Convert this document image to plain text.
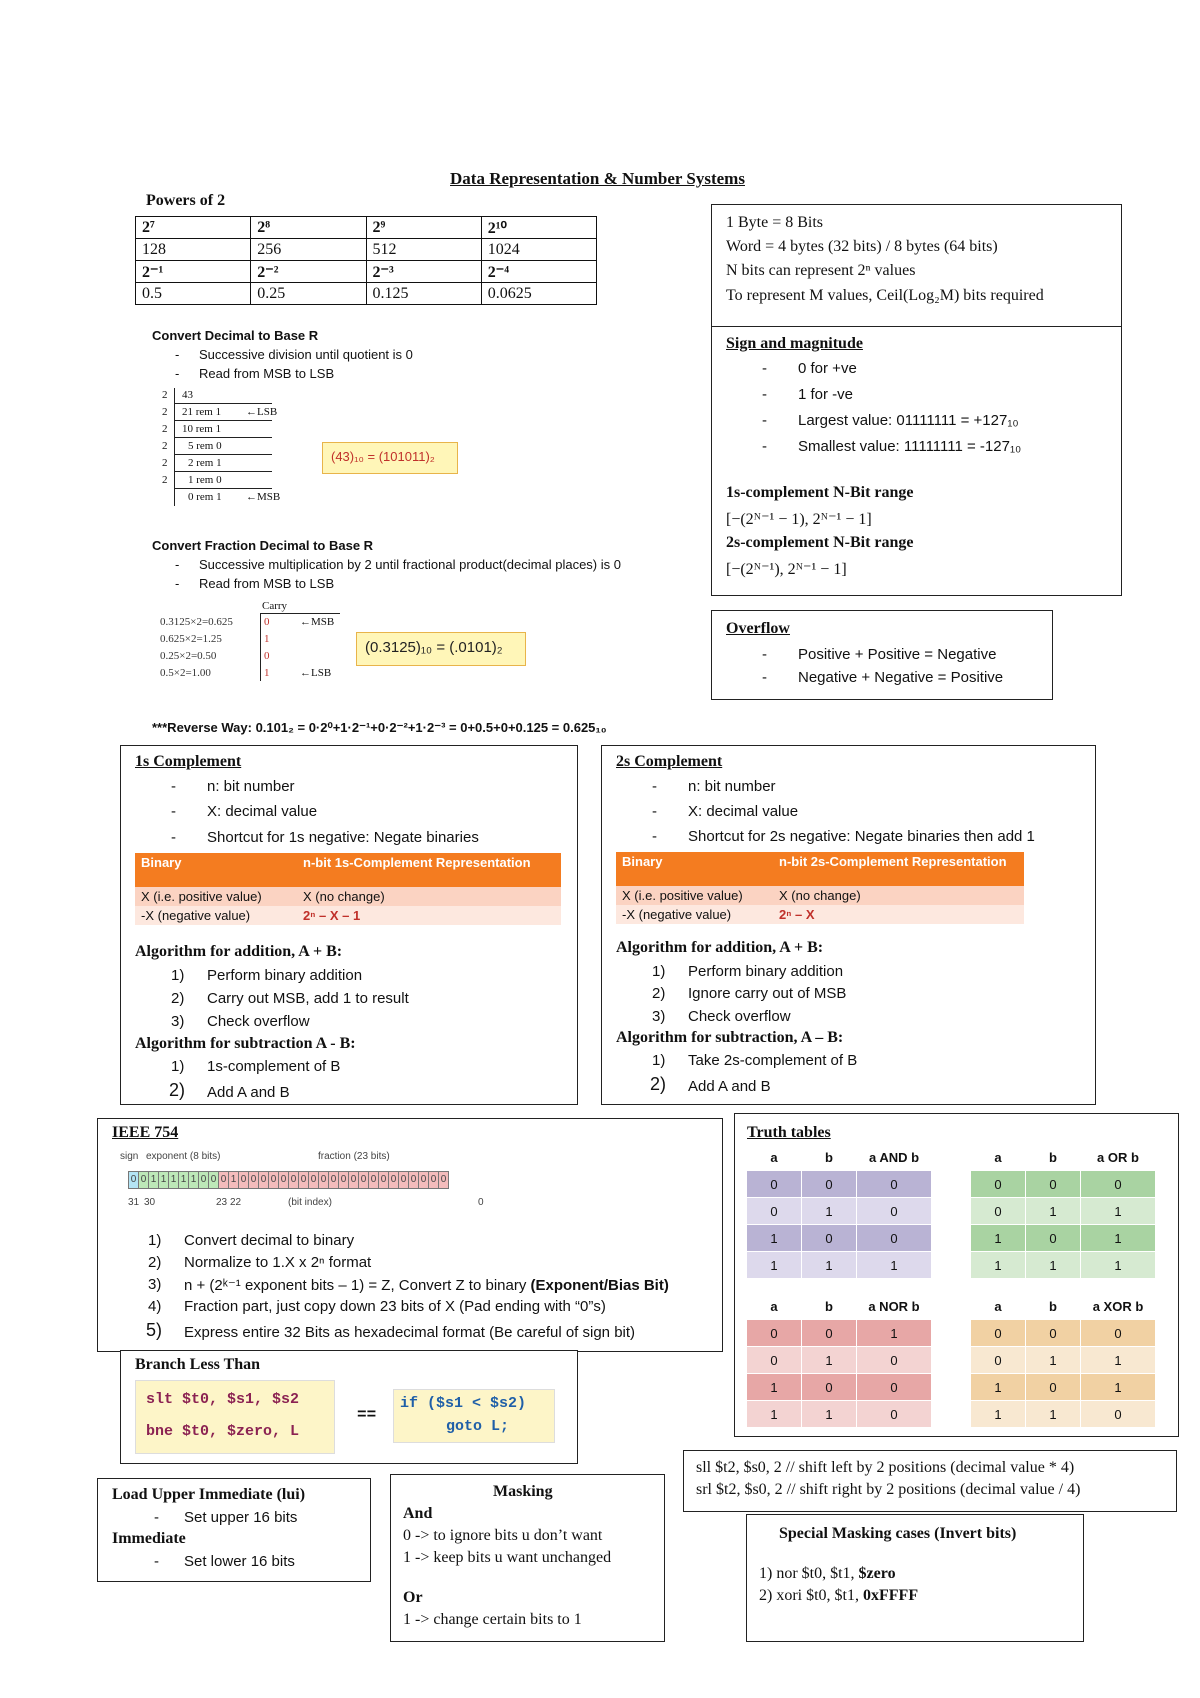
Data Representation & Number Systems
Powers of 2
2⁷	2⁸	2⁹	2¹⁰
128	256	512	1024
2⁻¹	2⁻²	2⁻³	2⁻⁴
0.5	0.25	0.125	0.0625
1 Byte = 8 Bits
Word = 4 bytes (32 bits) / 8 bytes (64 bits)
N bits can represent 2ⁿ values
To represent M values, Ceil(Log₂M) bits required
Sign and magnitude
- 0 for +ve
- 1 for -ve
- Largest value: 01111111 = +127₁₀
- Smallest value: 11111111 = -127₁₀
1s-complement N-Bit range
[−(2ᴺ⁻¹ − 1), 2ᴺ⁻¹ − 1]
2s-complement N-Bit range
[−(2ᴺ⁻¹), 2ᴺ⁻¹ − 1]
Overflow
- Positive + Positive = Negative
- Negative + Negative = Positive
Convert Decimal to Base R
- Successive division until quotient is 0
- Read from MSB to LSB
2 43
2 21 rem 1 ←LSB
2 10 rem 1
2 5 rem 0
2 2 rem 1
2 1 rem 0
0 rem 1 ←MSB
(43)₁₀ = (101011)₂
Convert Fraction Decimal to Base R
- Successive multiplication by 2 until fractional product(decimal places) is 0
- Read from MSB to LSB
Carry
0.3125×2=0.625	0	←MSB
0.625×2=1.25	1
0.25×2=0.50	0
0.5×2=1.00	1	←LSB
(0.3125)₁₀ = (.0101)₂
***Reverse Way: 0.101₂ = 0·2⁰+1·2⁻¹+0·2⁻²+1·2⁻³ = 0+0.5+0+0.125 = 0.625₁₀
1s Complement
- n: bit number
- X: decimal value
- Shortcut for 1s negative: Negate binaries
Binary	n-bit 1s-Complement Representation
X (i.e. positive value)	X (no change)
-X (negative value)	2ⁿ – X – 1
Algorithm for addition, A + B:
1) Perform binary addition
2) Carry out MSB, add 1 to result
3) Check overflow
Algorithm for subtraction A - B:
1) 1s-complement of B
2) Add A and B
2s Complement
- n: bit number
- X: decimal value
- Shortcut for 2s negative: Negate binaries then add 1
Binary	n-bit 2s-Complement Representation
X (i.e. positive value)	X (no change)
-X (negative value)	2ⁿ – X
Algorithm for addition, A + B:
1) Perform binary addition
2) Ignore carry out of MSB
3) Check overflow
Algorithm for subtraction, A – B:
1) Take 2s-complement of B
2) Add A and B
IEEE 754
sign exponent (8 bits)	fraction (23 bits)
0 0 1 1 1 1 1 0 0 0 1 0 0 0 0 0 0 0 0 0 0 0 0 0 0 0 0 0 0 0 0 0
31 30	23 22	(bit index)	0
1) Convert decimal to binary
2) Normalize to 1.X x 2ⁿ format
3) n + (2ᵏ⁻¹ exponent bits – 1) = Z, Convert Z to binary (Exponent/Bias Bit)
4) Fraction part, just copy down 23 bits of X (Pad ending with “0”s)
5) Express entire 32 Bits as hexadecimal format (Be careful of sign bit)
Branch Less Than
slt $t0, $s1, $s2
bne $t0, $zero, L
==
if ($s1 < $s2)
goto L;
Truth tables
a	b	a AND b
0	0	0
0	1	0
1	0	0
1	1	1
a	b	a OR b
0	0	0
0	1	1
1	0	1
1	1	1
a	b	a NOR b
0	0	1
0	1	0
1	0	0
1	1	0
a	b	a XOR b
0	0	0
0	1	1
1	0	1
1	1	0
sll $t2, $s0, 2 // shift left by 2 positions (decimal value * 4)
srl $t2, $s0, 2 // shift right by 2 positions (decimal value / 4)
Load Upper Immediate (lui)
- Set upper 16 bits
Immediate
- Set lower 16 bits
Masking
And
0 -> to ignore bits u don’t want
1 -> keep bits u want unchanged
Or
1 -> change certain bits to 1
Special Masking cases (Invert bits)
1) nor $t0, $t1, $zero
2) xori $t0, $t1, 0xFFFF
